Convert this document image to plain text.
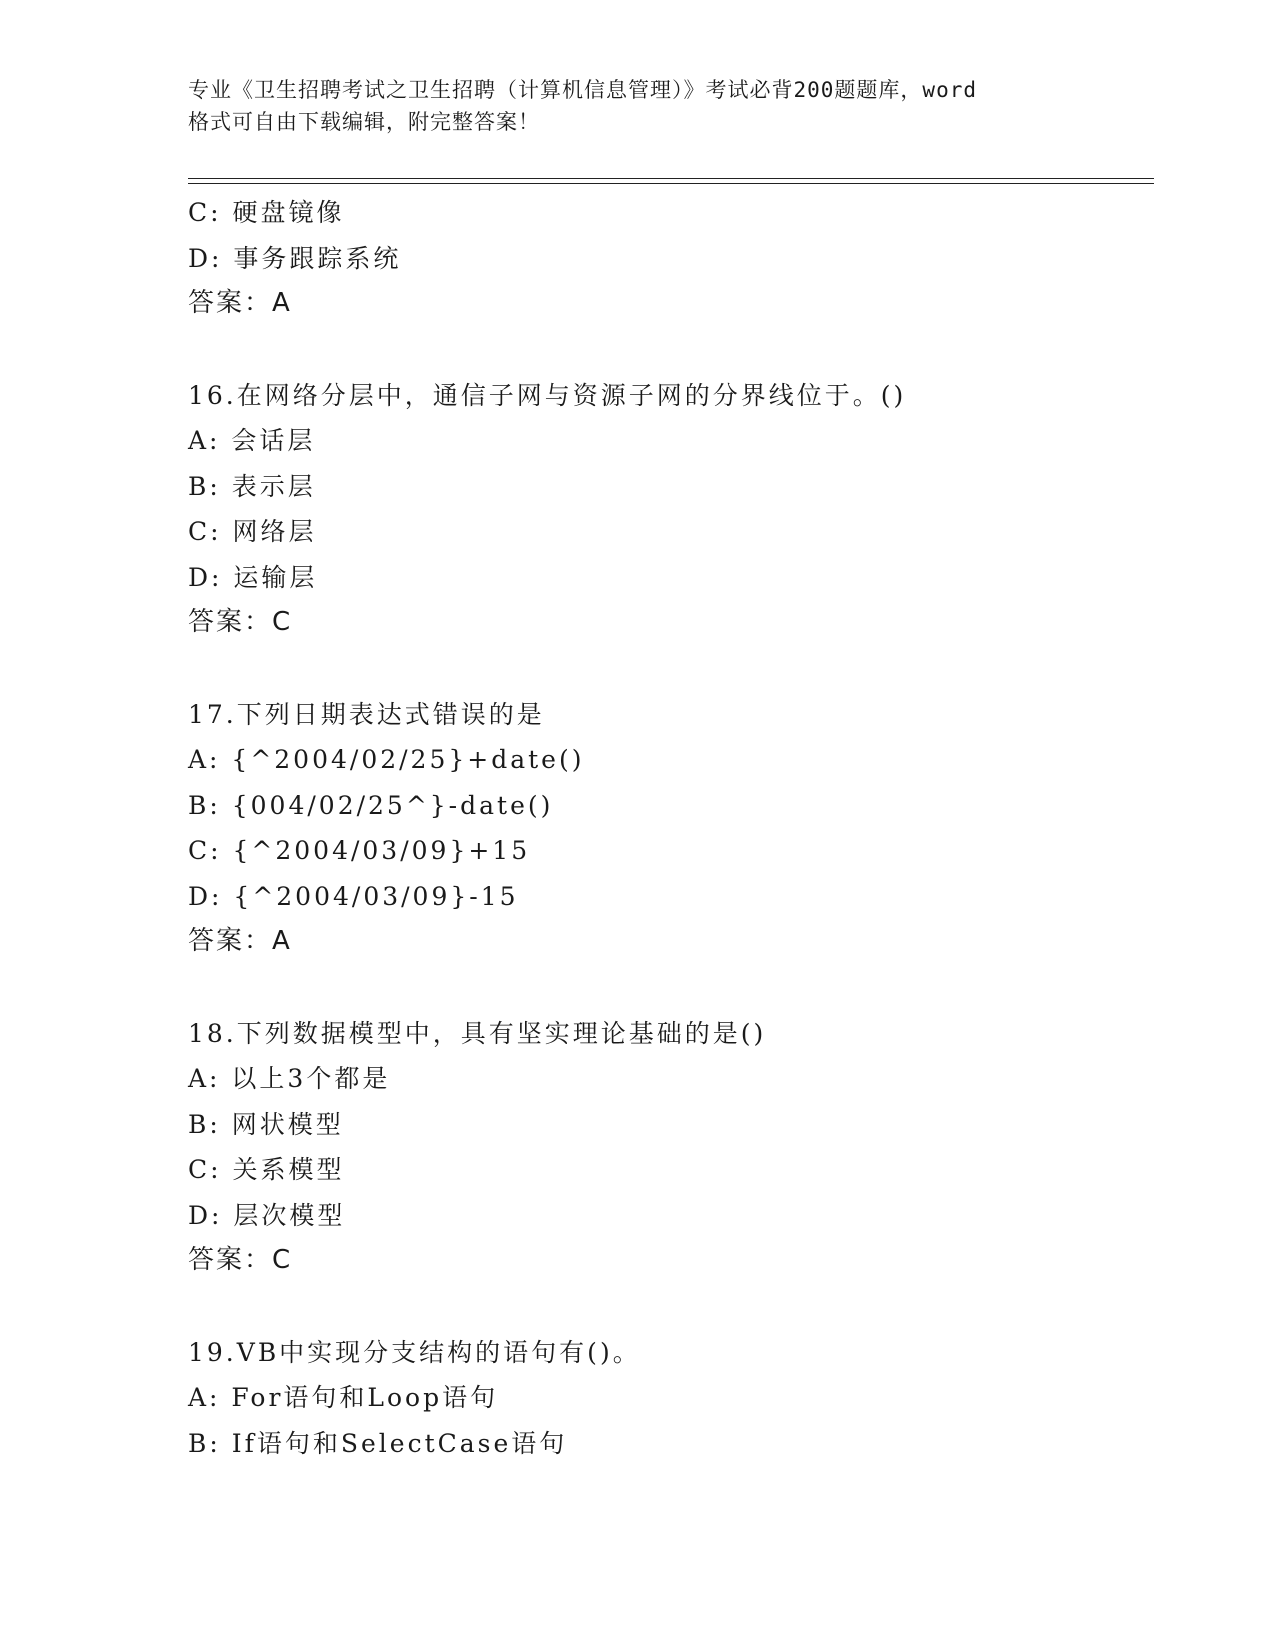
专业《卫生招聘考试之卫生招聘（计算机信息管理）》考试必背200题题库，word
格式可自由下载编辑，附完整答案！
C: 硬盘镜像
D: 事务跟踪系统
答案：A
16.在网络分层中，通信子网与资源子网的分界线位于。()
A: 会话层
B: 表示层
C: 网络层
D: 运输层
答案：C
17.下列日期表达式错误的是
A: {^2004/02/25}+date()
B: {004/02/25^}-date()
C: {^2004/03/09}+15
D: {^2004/03/09}-15
答案：A
18.下列数据模型中，具有坚实理论基础的是()
A: 以上3个都是
B: 网状模型
C: 关系模型
D: 层次模型
答案：C
19.VB中实现分支结构的语句有()。
A: For语句和Loop语句
B: If语句和SelectCase语句
